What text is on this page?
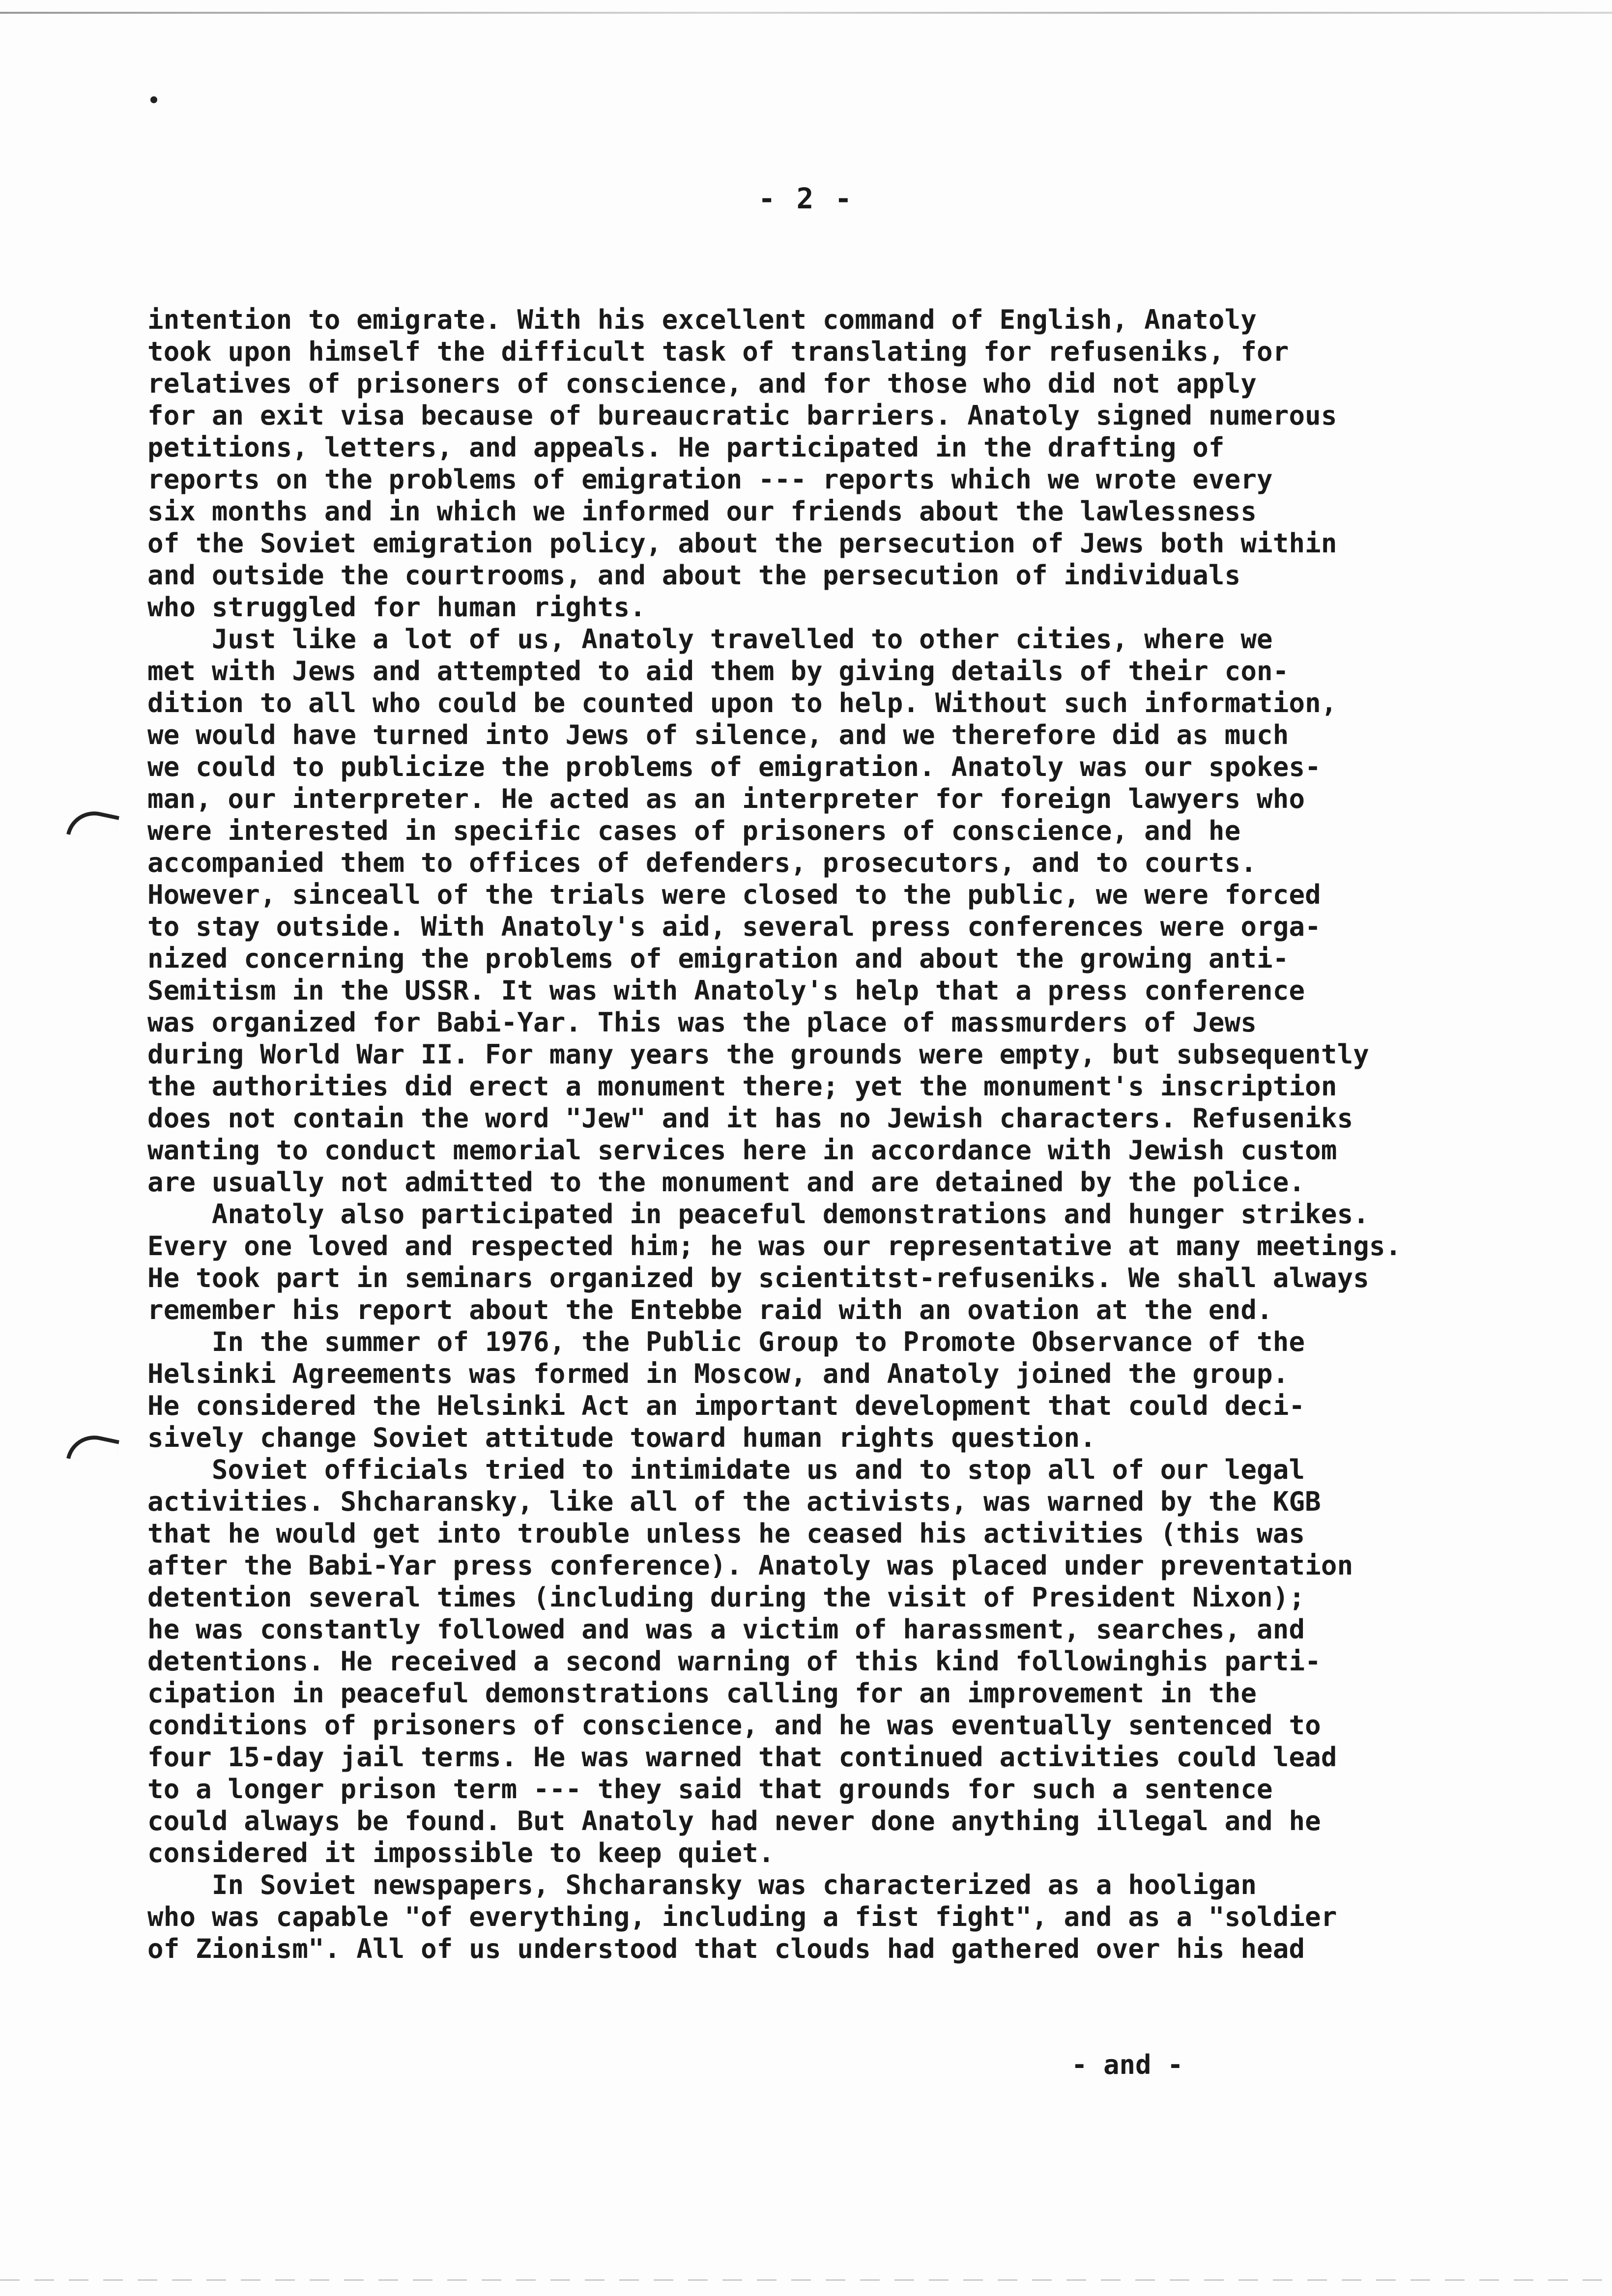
- 2 -
intention to emigrate. With his excellent command of English, Anatoly
took upon himself the difficult task of translating for refuseniks, for
relatives of prisoners of conscience, and for those who did not apply
for an exit visa because of bureaucratic barriers. Anatoly signed numerous
petitions, letters, and appeals. He participated in the drafting of
reports on the problems of emigration --- reports which we wrote every
six months and in which we informed our friends about the lawlessness
of the Soviet emigration policy, about the persecution of Jews both within
and outside the courtrooms, and about the persecution of individuals
who struggled for human rights.
Just like a lot of us, Anatoly travelled to other cities, where we
met with Jews and attempted to aid them by giving details of their con-
dition to all who could be counted upon to help. Without such information,
we would have turned into Jews of silence, and we therefore did as much
we could to publicize the problems of emigration. Anatoly was our spokes-
man, our interpreter. He acted as an interpreter for foreign lawyers who
were interested in specific cases of prisoners of conscience, and he
accompanied them to offices of defenders, prosecutors, and to courts.
However, sinceall of the trials were closed to the public, we were forced
to stay outside. With Anatoly's aid, several press conferences were orga-
nized concerning the problems of emigration and about the growing anti-
Semitism in the USSR. It was with Anatoly's help that a press conference
was organized for Babi-Yar. This was the place of massmurders of Jews
during World War II. For many years the grounds were empty, but subsequently
the authorities did erect a monument there; yet the monument's inscription
does not contain the word "Jew" and it has no Jewish characters. Refuseniks
wanting to conduct memorial services here in accordance with Jewish custom
are usually not admitted to the monument and are detained by the police.
Anatoly also participated in peaceful demonstrations and hunger strikes.
Every one loved and respected him; he was our representative at many meetings.
He took part in seminars organized by scientitst-refuseniks. We shall always
remember his report about the Entebbe raid with an ovation at the end.
In the summer of 1976, the Public Group to Promote Observance of the
Helsinki Agreements was formed in Moscow, and Anatoly joined the group.
He considered the Helsinki Act an important development that could deci-
sively change Soviet attitude toward human rights question.
Soviet officials tried to intimidate us and to stop all of our legal
activities. Shcharansky, like all of the activists, was warned by the KGB
that he would get into trouble unless he ceased his activities (this was
after the Babi-Yar press conference). Anatoly was placed under preventation
detention several times (including during the visit of President Nixon);
he was constantly followed and was a victim of harassment, searches, and
detentions. He received a second warning of this kind followinghis parti-
cipation in peaceful demonstrations calling for an improvement in the
conditions of prisoners of conscience, and he was eventually sentenced to
four 15-day jail terms. He was warned that continued activities could lead
to a longer prison term --- they said that grounds for such a sentence
could always be found. But Anatoly had never done anything illegal and he
considered it impossible to keep quiet.
In Soviet newspapers, Shcharansky was characterized as a hooligan
who was capable "of everything, including a fist fight", and as a "soldier
of Zionism". All of us understood that clouds had gathered over his head
- and -
